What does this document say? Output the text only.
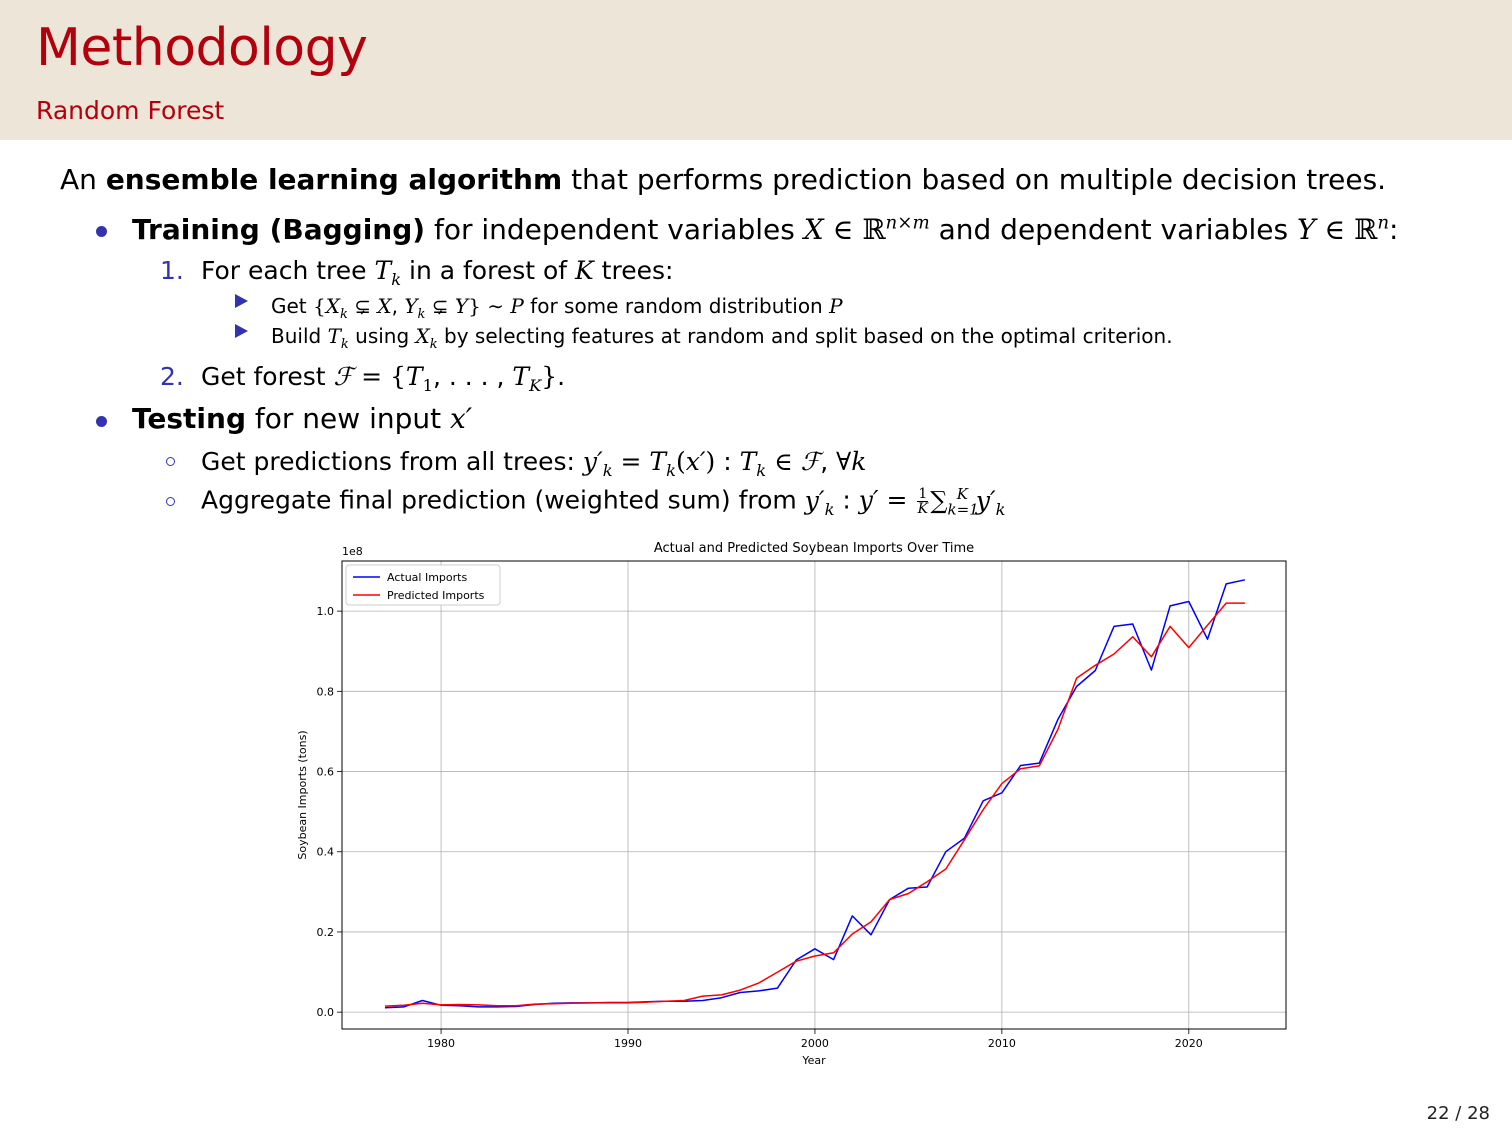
Methodology
Random Forest
An ensemble learning algorithm that performs prediction based on multiple decision trees.
Training (Bagging) for independent variables X ∈ ℝ$^{n\times m}$ and dependent variables Y ∈ ℝ$^n$:
1. For each tree $T_k$ in a forest of K trees:
Get {$X_k$ ⊊ X, $Y_k$ ⊊ Y} ∼ P for some random distribution P
Build $T_k$ using $X_k$ by selecting features at random and split based on the optimal criterion.
2. Get forest ℱ = {$T_1$, . . . , $T_K$}.
Testing for new input x′
Get predictions from all trees: $y'_k = T_k(x')$ : $T_k$ ∈ ℱ, ∀k
Aggregate final prediction (weighted sum) from $y'_k$ : $y' = \frac{1}{K} \sum_{k=1}^K$ $y'_k$
1980	1990	2000	2010	2020
0.0
0.2
0.4
0.6
0.8
1.0
Actual and Predicted Soybean Imports Over Time
Year
Soybean Imports (tons)
1e8
Actual Imports
Predicted Imports
22 / 28
